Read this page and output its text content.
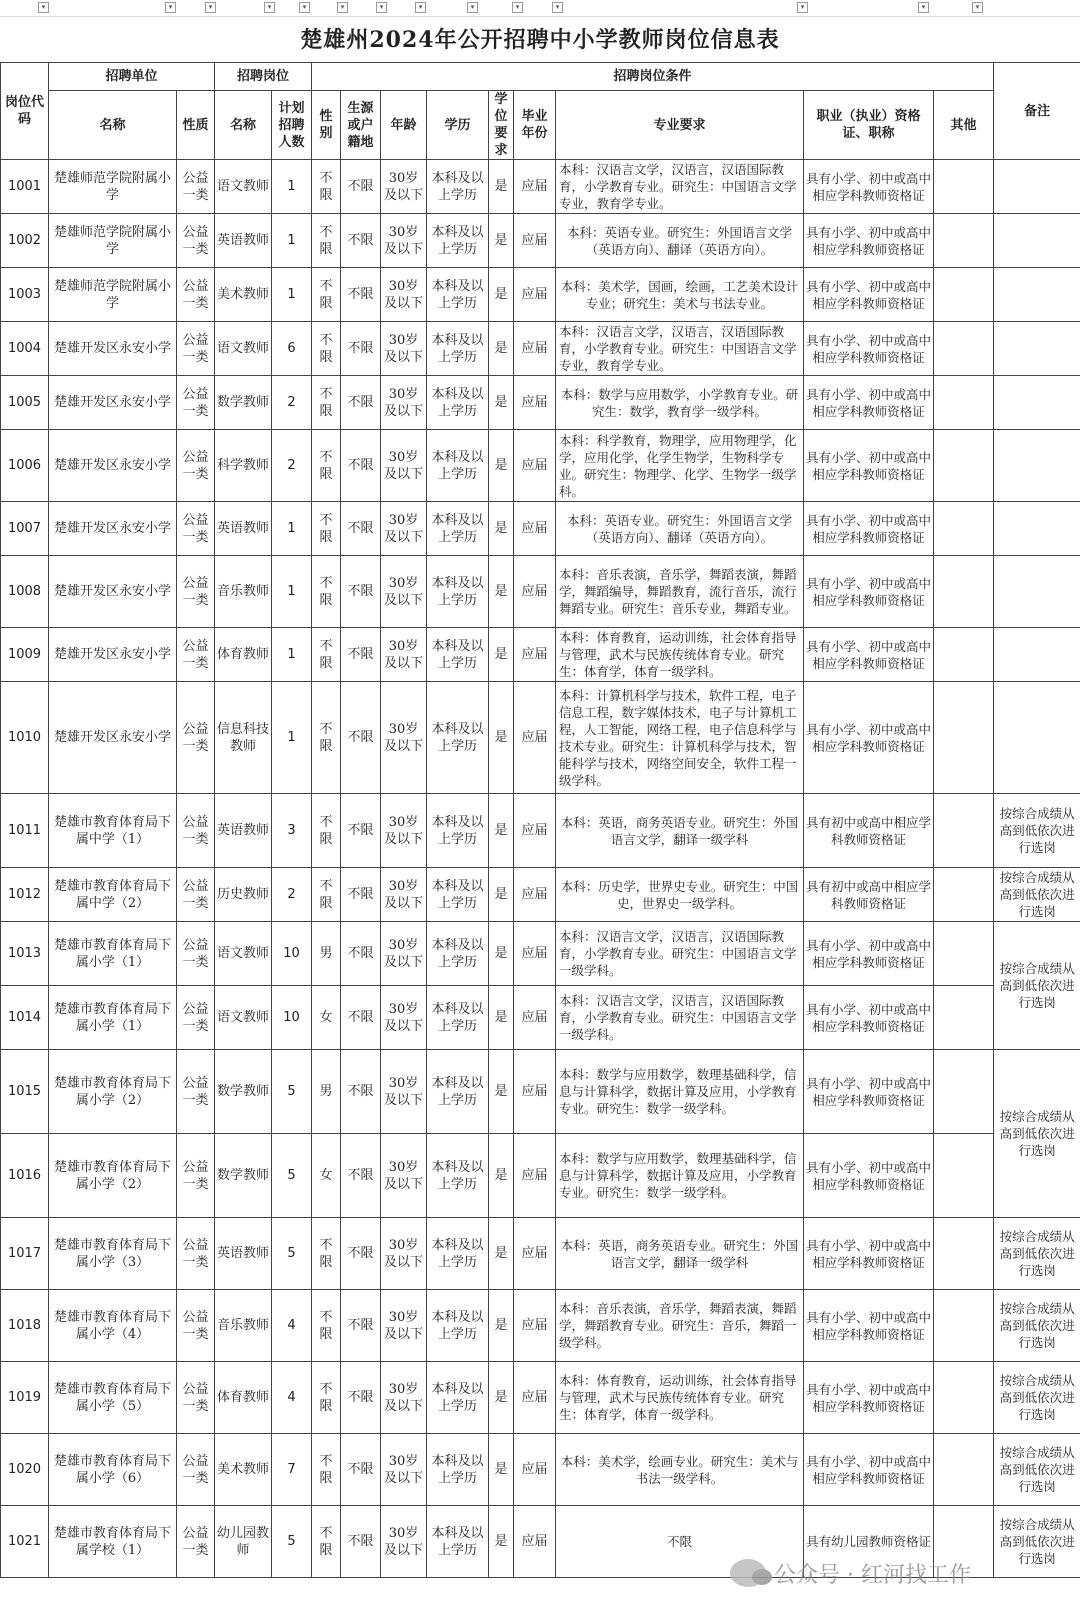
▾	▾	▾	▾	▾	▾	▾	▾	▾	▾	▾	▾	▾	▾
楚雄州2024年公开招聘中小学教师岗位信息表
岗位代码	招聘单位		招聘岗位		招聘岗位条件									备注
	名称	性质	名称	计划招聘人数	性别	生源或户籍地	年龄	学历	学位要求	毕业年份	专业要求	职业（执业）资格证、职称	其他	
1001	楚雄师范学院附属小学	公益一类	语文教师	1	不限	不限	30岁及以下	本科及以上学历	是	应届	本科：汉语言文学，汉语言，汉语国际教育，小学教育专业。研究生：中国语言文学专业，教育学专业。	具有小学、初中或高中相应学科教师资格证		
1002	楚雄师范学院附属小学	公益一类	英语教师	1	不限	不限	30岁及以下	本科及以上学历	是	应届	本科：英语专业。研究生：外国语言文学（英语方向）、翻译（英语方向）。	具有小学、初中或高中相应学科教师资格证		
1003	楚雄师范学院附属小学	公益一类	美术教师	1	不限	不限	30岁及以下	本科及以上学历	是	应届	本科：美术学，国画，绘画，工艺美术设计专业；研究生：美术与书法专业。	具有小学、初中或高中相应学科教师资格证		
1004	楚雄开发区永安小学	公益一类	语文教师	6	不限	不限	30岁及以下	本科及以上学历	是	应届	本科：汉语言文学，汉语言，汉语国际教育，小学教育专业。研究生：中国语言文学专业，教育学专业。	具有小学、初中或高中相应学科教师资格证		
1005	楚雄开发区永安小学	公益一类	数学教师	2	不限	不限	30岁及以下	本科及以上学历	是	应届	本科：数学与应用数学，小学教育专业。研究生：数学，教育学一级学科。	具有小学、初中或高中相应学科教师资格证		
1006	楚雄开发区永安小学	公益一类	科学教师	2	不限	不限	30岁及以下	本科及以上学历	是	应届	本科：科学教育，物理学，应用物理学，化学，应用化学，化学生物学，生物科学专业。研究生：物理学、化学、生物学一级学科。	具有小学、初中或高中相应学科教师资格证		
1007	楚雄开发区永安小学	公益一类	英语教师	1	不限	不限	30岁及以下	本科及以上学历	是	应届	本科：英语专业。研究生：外国语言文学（英语方向）、翻译（英语方向）。	具有小学、初中或高中相应学科教师资格证		
1008	楚雄开发区永安小学	公益一类	音乐教师	1	不限	不限	30岁及以下	本科及以上学历	是	应届	本科：音乐表演，音乐学，舞蹈表演，舞蹈学，舞蹈编导，舞蹈教育，流行音乐，流行舞蹈专业。研究生：音乐专业，舞蹈专业。	具有小学、初中或高中相应学科教师资格证		
1009	楚雄开发区永安小学	公益一类	体育教师	1	不限	不限	30岁及以下	本科及以上学历	是	应届	本科：体育教育，运动训练，社会体育指导与管理，武术与民族传统体育专业。研究生：体育学，体育一级学科。	具有小学、初中或高中相应学科教师资格证		
1010	楚雄开发区永安小学	公益一类	信息科技教师	1	不限	不限	30岁及以下	本科及以上学历	是	应届	本科：计算机科学与技术，软件工程，电子信息工程，数字媒体技术，电子与计算机工程，人工智能，网络工程，电子信息科学与技术专业。研究生：计算机科学与技术，智能科学与技术，网络空间安全，软件工程一级学科。	具有小学、初中或高中相应学科教师资格证		
1011	楚雄市教育体育局下属中学（1）	公益一类	英语教师	3	不限	不限	30岁及以下	本科及以上学历	是	应届	本科：英语，商务英语专业。研究生：外国语言文学，翻译一级学科	具有初中或高中相应学科教师资格证		按综合成绩从高到低依次进行选岗
1012	楚雄市教育体育局下属中学（2）	公益一类	历史教师	2	不限	不限	30岁及以下	本科及以上学历	是	应届	本科：历史学，世界史专业。研究生：中国史，世界史一级学科。	具有初中或高中相应学科教师资格证		按综合成绩从高到低依次进行选岗
1013	楚雄市教育体育局下属小学（1）	公益一类	语文教师	10	男	不限	30岁及以下	本科及以上学历	是	应届	本科：汉语言文学，汉语言，汉语国际教育，小学教育专业。研究生：中国语言文学一级学科。	具有小学、初中或高中相应学科教师资格证		按综合成绩从高到低依次进行选岗
1014	楚雄市教育体育局下属小学（1）	公益一类	语文教师	10	女	不限	30岁及以下	本科及以上学历	是	应届	本科：汉语言文学，汉语言，汉语国际教育，小学教育专业。研究生：中国语言文学一级学科。	具有小学、初中或高中相应学科教师资格证		
1015	楚雄市教育体育局下属小学（2）	公益一类	数学教师	5	男	不限	30岁及以下	本科及以上学历	是	应届	本科：数学与应用数学，数理基础科学，信息与计算科学，数据计算及应用，小学教育专业。研究生：数学一级学科。	具有小学、初中或高中相应学科教师资格证		按综合成绩从高到低依次进行选岗
1016	楚雄市教育体育局下属小学（2）	公益一类	数学教师	5	女	不限	30岁及以下	本科及以上学历	是	应届	本科：数学与应用数学，数理基础科学，信息与计算科学，数据计算及应用，小学教育专业。研究生：数学一级学科。	具有小学、初中或高中相应学科教师资格证		
1017	楚雄市教育体育局下属小学（3）	公益一类	英语教师	5	不限	不限	30岁及以下	本科及以上学历	是	应届	本科：英语，商务英语专业。研究生：外国语言文学，翻译一级学科	具有小学、初中或高中相应学科教师资格证		按综合成绩从高到低依次进行选岗
1018	楚雄市教育体育局下属小学（4）	公益一类	音乐教师	4	不限	不限	30岁及以下	本科及以上学历	是	应届	本科：音乐表演，音乐学，舞蹈表演，舞蹈学，舞蹈教育专业。研究生：音乐，舞蹈一级学科。	具有小学、初中或高中相应学科教师资格证		按综合成绩从高到低依次进行选岗
1019	楚雄市教育体育局下属小学（5）	公益一类	体育教师	4	不限	不限	30岁及以下	本科及以上学历	是	应届	本科：体育教育，运动训练，社会体育指导与管理，武术与民族传统体育专业。研究生：体育学，体育一级学科。	具有小学、初中或高中相应学科教师资格证		按综合成绩从高到低依次进行选岗
1020	楚雄市教育体育局下属小学（6）	公益一类	美术教师	7	不限	不限	30岁及以下	本科及以上学历	是	应届	本科：美术学，绘画专业。研究生：美术与书法一级学科。	具有小学、初中或高中相应学科教师资格证		按综合成绩从高到低依次进行选岗
1021	楚雄市教育体育局下属学校（1）	公益一类	幼儿园教师	5	不限	不限	30岁及以下	本科及以上学历	是	应届	不限	具有幼儿园教师资格证		按综合成绩从高到低依次进行选岗
公众号 · 红河找工作
